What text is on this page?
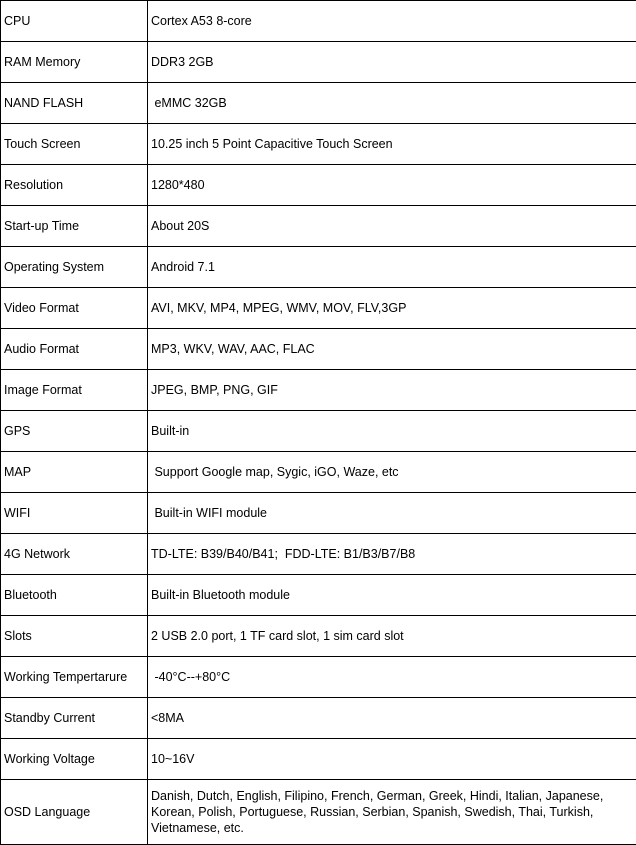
CPU	Cortex A53 8-core
RAM Memory	DDR3 2GB
NAND FLASH	eMMC 32GB
Touch Screen	10.25 inch 5 Point Capacitive Touch Screen
Resolution	1280*480
Start-up Time	About 20S
Operating System	Android 7.1
Video Format	AVI, MKV, MP4, MPEG, WMV, MOV, FLV,3GP
Audio Format	MP3, WKV, WAV, AAC, FLAC
Image Format	JPEG, BMP, PNG, GIF
GPS	Built-in
MAP	Support Google map, Sygic, iGO, Waze, etc
WIFI	Built-in WIFI module
4G Network	TD-LTE: B39/B40/B41;  FDD-LTE: B1/B3/B7/B8
Bluetooth	Built-in Bluetooth module
Slots	2 USB 2.0 port, 1 TF card slot, 1 sim card slot
Working Tempertarure	-40°C--+80°C
Standby Current	<8MA
Working Voltage	10~16V
OSD Language	Danish, Dutch, English, Filipino, French, German, Greek, Hindi, Italian, Japanese, Korean, Polish, Portuguese, Russian, Serbian, Spanish, Swedish, Thai, Turkish, Vietnamese, etc.
